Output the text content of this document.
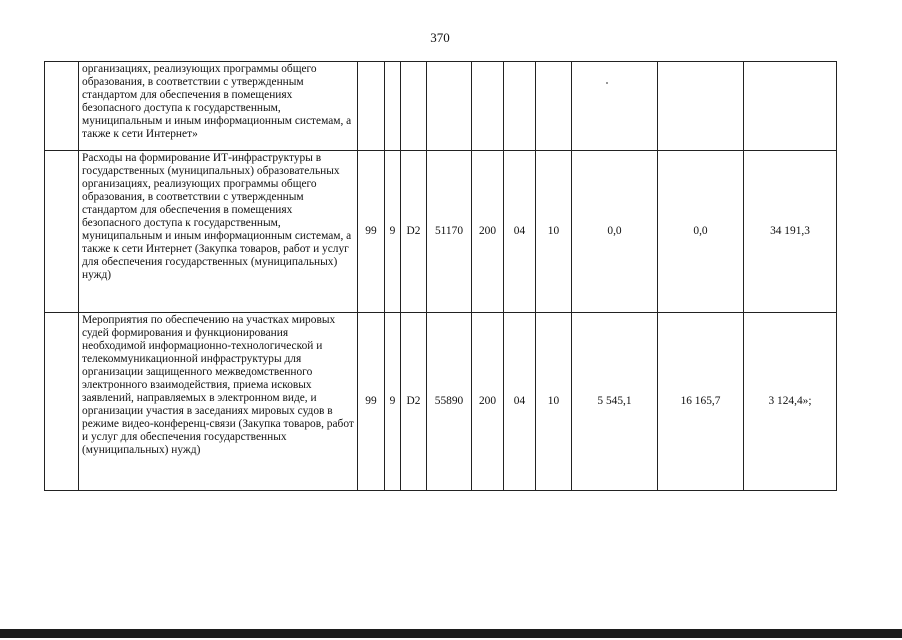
370
	организациях, реализующих программы общего образования, в соответствии с утвержденным стандартом для обеспечения в помещениях безопасного доступа к государственным, муниципальным и иным информационным системам, а также к сети Интернет»										
	Расходы на формирование ИТ-инфраструктуры в государственных (муниципальных) образовательных организациях, реализующих программы общего образования, в соответствии с утвержденным стандартом для обеспечения в помещениях безопасного доступа к государственным, муниципальным и иным информационным системам, а также к сети Интернет (Закупка товаров, работ и услуг для обеспечения государственных (муниципальных) нужд)	99	9	D2	51170	200	04	10	0,0	0,0	34 191,3
	Мероприятия по обеспечению на участках мировых судей формирования и функционирования необходимой информационно-технологической и телекоммуникационной инфраструктуры для организации защищенного межведомственного электронного взаимодействия, приема исковых заявлений, направляемых в электронном виде, и организации участия в заседаниях мировых судов в режиме видео-конференц-связи (Закупка товаров, работ и услуг для обеспечения государственных (муниципальных) нужд)	99	9	D2	55890	200	04	10	5 545,1	16 165,7	3 124,4»;
